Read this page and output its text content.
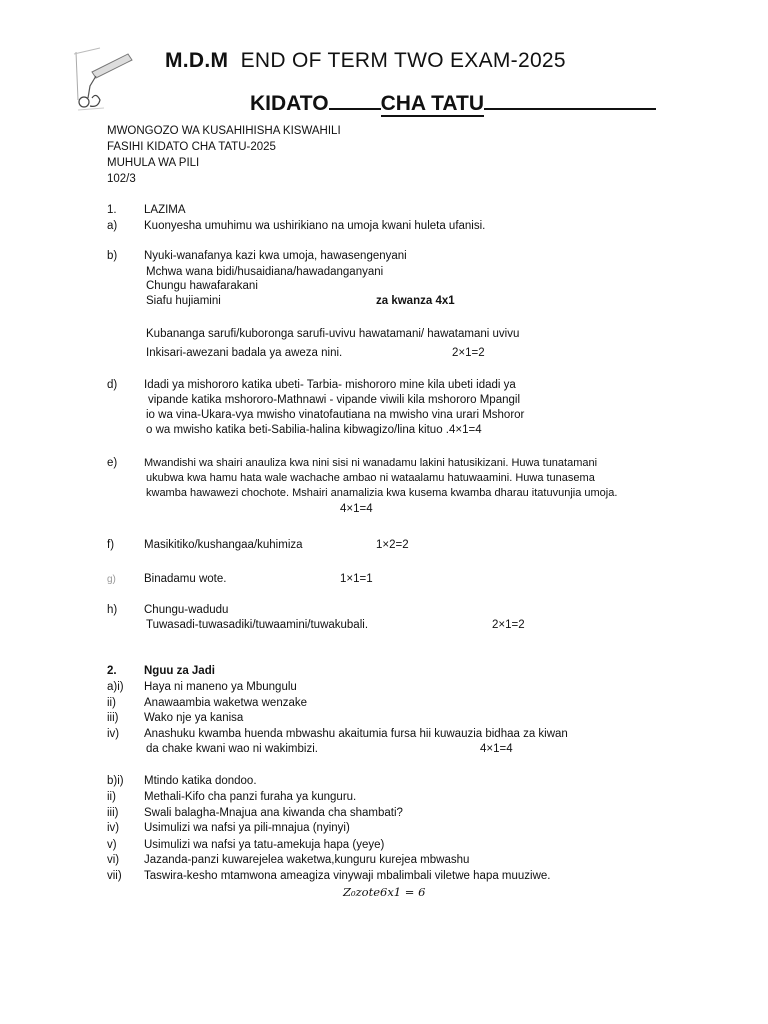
M.D.M END OF TERM TWO EXAM-2025
KIDATO CHA TATU
MWONGOZO WA KUSAHIHISHA KISWAHILI
FASIHI KIDATO CHA TATU-2025
MUHULA WA PILI
102/3
1. LAZIMA
a) Kuonyesha umuhimu wa ushirikiano na umoja kwani huleta ufanisi.
b) Nyuki-wanafanya kazi kwa umoja, hawasengenyani
Mchwa wana bidi/husaidiana/hawadanganyani
Chungu hawafarakani
Siafu hujiamini	za kwanza 4x1
Kubananga sarufi/kuboronga sarufi-uvivu hawatamani/ hawatamani uvivu
Inkisari-awezani badala ya aweza nini.	2×1=2
d) Idadi ya mishororo katika ubeti- Tarbia- mishororo mine kila ubeti idadi ya
vipande katika mshororo-Mathnawi - vipande viwili kila mshororo Mpangil
io wa vina-Ukara-vya mwisho vinatofautiana na mwisho vina urari Mshoror
o wa mwisho katika beti-Sabilia-halina kibwagizo/lina kituo .4×1=4
e) Mwandishi wa shairi anauliza kwa nini sisi ni wanadamu lakini hatusikizani. Huwa tunatamani
ukubwa kwa hamu hata wale wachache ambao ni wataalamu hatuwaamini. Huwa tunasema
kwamba hawawezi chochote. Mshairi anamalizia kwa kusema kwamba dharau itatuvunjia umoja.
4×1=4
f)	Masikitiko/kushangaa/kuhimiza	1×2=2
g) Binadamu wote.	1×1=1
h) Chungu-wadudu
Tuwasadi-tuwasadiki/tuwaamini/tuwakubali.	2×1=2
2. Nguu za Jadi
a)i) Haya ni maneno ya Mbungulu
ii) Anawaambia waketwa wenzake
iii) Wako nje ya kanisa
iv) Anashuku kwamba huenda mbwashu akaitumia fursa hii kuwauzia bidhaa za kiwan
da chake kwani wao ni wakimbizi.	4×1=4
b)i) Mtindo katika dondoo.
ii) Methali-Kifo cha panzi furaha ya kunguru.
iii) Swali balagha-Mnajua ana kiwanda cha shambati?
iv) Usimulizi wa nafsi ya pili-mnajua (nyinyi)
v) Usimulizi wa nafsi ya tatu-amekuja hapa (yeye)
vi) Jazanda-panzi kuwarejelea waketwa,kunguru kurejea mbwashu
vii) Taswira-kesho mtamwona ameagiza vinywaji mbalimbali viletwe hapa muuziwe.
Z₀zote6x1 = 6
